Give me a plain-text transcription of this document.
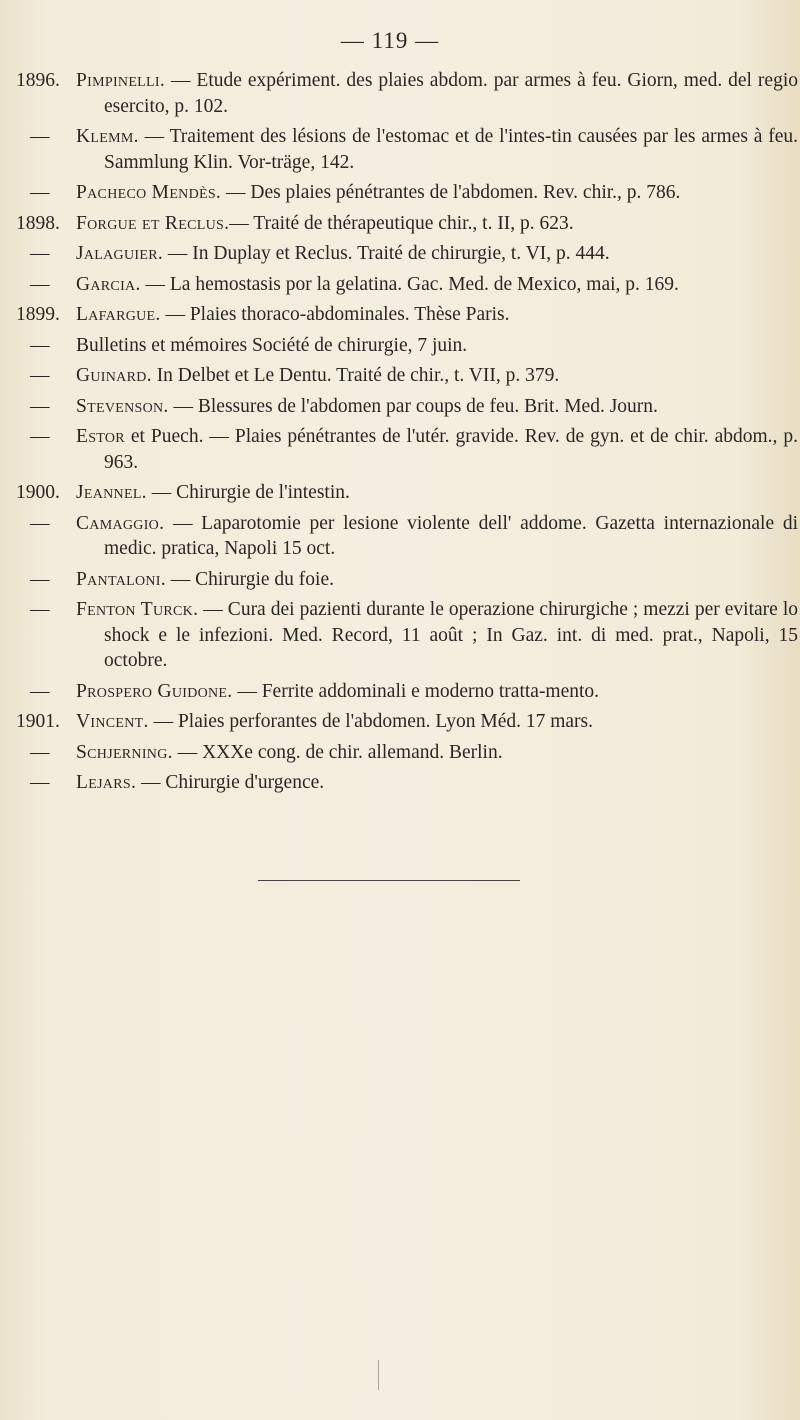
— 119 —
1896. Pimpinelli. — Etude expériment. des plaies abdom. par armes à feu. Giorn, med. del regio esercito, p. 102.
—	Klemm. — Traitement des lésions de l'estomac et de l'intes-tin causées par les armes à feu. Sammlung Klin. Vor-träge, 142.
—	Pacheco Mendès. — Des plaies pénétrantes de l'abdomen. Rev. chir., p. 786.
1898. Forgue et Reclus.— Traité de thérapeutique chir., t. II, p. 623.
—	Jalaguier. — In Duplay et Reclus. Traité de chirurgie, t. VI, p. 444.
—	Garcia. — La hemostasis por la gelatina. Gac. Med. de Mexico, mai, p. 169.
1899. Lafargue. — Plaies thoraco-abdominales. Thèse Paris.
—	Bulletins et mémoires Société de chirurgie, 7 juin.
—	Guinard. In Delbet et Le Dentu. Traité de chir., t. VII, p. 379.
—	Stevenson. — Blessures de l'abdomen par coups de feu. Brit. Med. Journ.
—	Estor et Puech. — Plaies pénétrantes de l'utér. gravide. Rev. de gyn. et de chir. abdom., p. 963.
1900. Jeannel. — Chirurgie de l'intestin.
—	Camaggio. — Laparotomie per lesione violente dell' addome. Gazetta internazionale di medic. pratica, Napoli 15 oct.
—	Pantaloni. — Chirurgie du foie.
—	Fenton Turck. — Cura dei pazienti durante le operazione chirurgiche ; mezzi per evitare lo shock e le infezioni. Med. Record, 11 août ; In Gaz. int. di med. prat., Napoli, 15 octobre.
—	Prospero Guidone. — Ferrite addominali e moderno tratta-mento.
1901. Vincent. — Plaies perforantes de l'abdomen. Lyon Méd. 17 mars.
—	Schjerning. — XXXe cong. de chir. allemand. Berlin.
—	Lejars. — Chirurgie d'urgence.
